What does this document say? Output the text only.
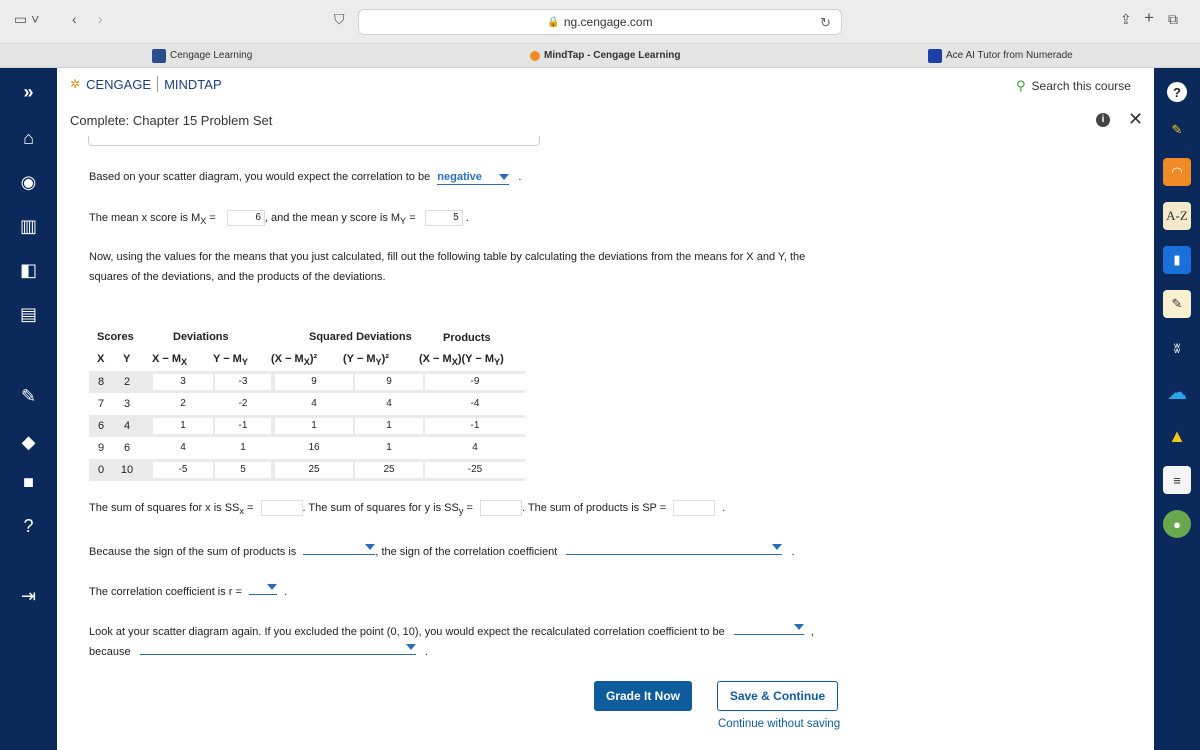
▭ ˅ ‹ ›	⛉	🔒 ng.cengage.com	↻	⇪ + ⧉
Cengage Learning	MindTap - Cengage Learning	Ace AI Tutor from Numerade
»
⌂
◉
▥
◧
▤
✎
◆
■
?
⇥
?
✎
◠
A-Z
▮
✎
ʬ
☁
▲
≡
●
✲ CENGAGE MINDTAP	⚲ Search this course
Complete: Chapter 15 Problem Set	i	✕
Based on your scatter diagram, you would expect the correlation to be negative	.
The mean x score is $M_X$ =	6 , and the mean y score is $M_Y$ =	5 .
Now, using the values for the means that you just calculated, fill out the following table by calculating the deviations from the means for X and Y, the
squares of the deviations, and the products of the deviations.
Scores	Deviations	Squared Deviations	Products
X Y $X - M_X$ $Y - M_Y$ $(X - M_X)^2$ $(Y - M_Y)^2$	$(X - M_X)(Y - M_Y)$
8	2	3	-3	9	9	-9
7	3	2	-2	4	4	-4
6	4	1	-1	1	1	-1
9	6	4	1	16	1	4
0	10	-5	5	25	25	-25
The sum of squares for x is $SS_x$ =	. The sum of squares for y is $SS_y$ =	. The sum of products is SP =	.
Because the sign of the sum of products is	, the sign of the correlation coefficient	.
The correlation coefficient is r =	.
Look at your scatter diagram again. If you excluded the point (0, 10), you would expect the recalculated correlation coefficient to be	,
because	.
Grade It Now	Save & Continue
Continue without saving
